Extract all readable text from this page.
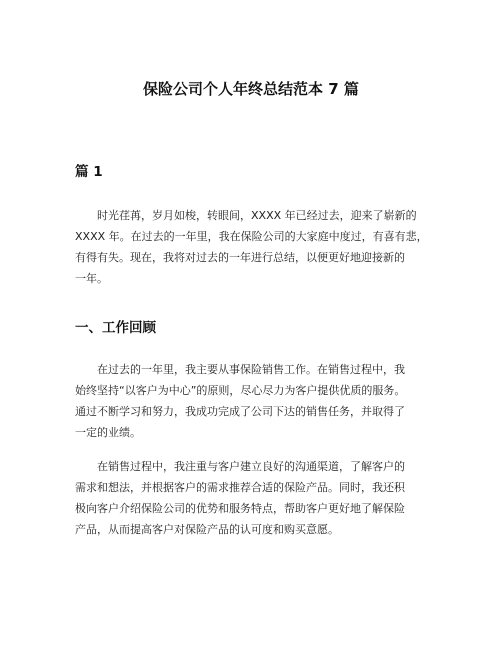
保险公司个人年终总结范本 7 篇
篇 1
时光荏苒，岁月如梭，转眼间，XXXX 年已经过去，迎来了崭新的
XXXX 年。在过去的一年里，我在保险公司的大家庭中度过，有喜有悲，
有得有失。现在，我将对过去的一年进行总结，以便更好地迎接新的
一年。
一、工作回顾
在过去的一年里，我主要从事保险销售工作。在销售过程中，我
始终坚持“以客户为中心”的原则，尽心尽力为客户提供优质的服务。
通过不断学习和努力，我成功完成了公司下达的销售任务，并取得了
一定的业绩。
在销售过程中，我注重与客户建立良好的沟通渠道，了解客户的
需求和想法，并根据客户的需求推荐合适的保险产品。同时，我还积
极向客户介绍保险公司的优势和服务特点，帮助客户更好地了解保险
产品，从而提高客户对保险产品的认可度和购买意愿。
